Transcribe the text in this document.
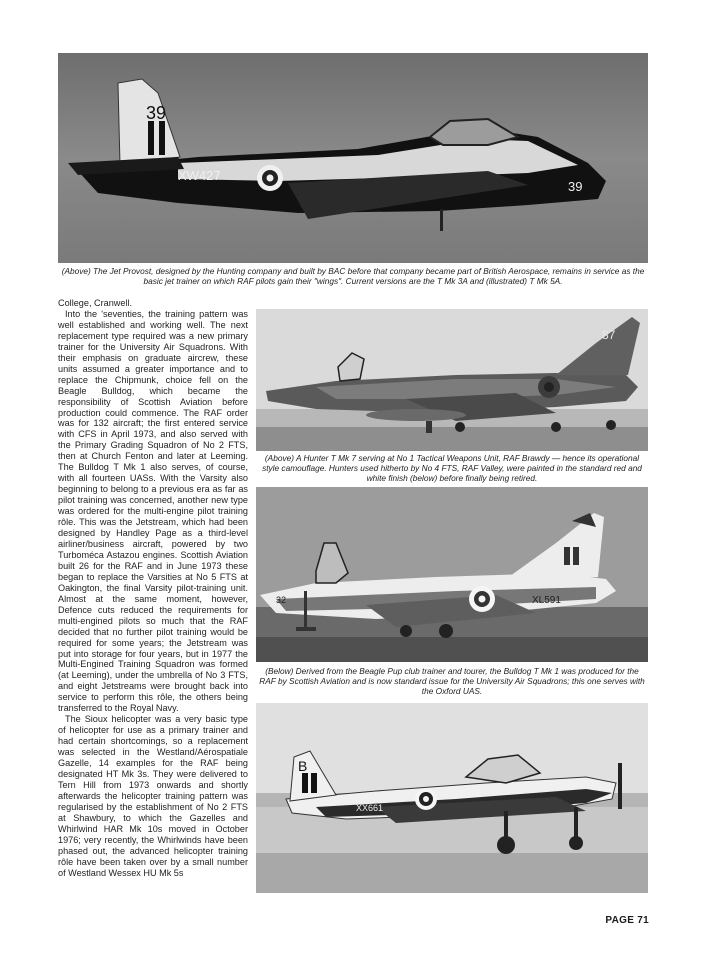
39
XW427
39
(Above) The Jet Provost, designed by the Hunting company and built by BAC before that company became part of British Aerospace, remains in service as the basic jet trainer on which RAF pilots gain their "wings". Current versions are the T Mk 3A and (illustrated) T Mk 5A.

College, Cranwell.

Into the 'seventies, the training pattern was well established and working well. The next replacement type required was a new primary trainer for the University Air Squadrons. With their emphasis on graduate aircrew, these units assumed a greater importance and to replace the Chipmunk, choice fell on the Beagle Bulldog, which became the responsibility of Scottish Aviation before production could commence. The RAF order was for 132 aircraft; the first entered service with CFS in April 1973, and also served with the Primary Grading Squadron of No 2 FTS, then at Church Fenton and later at Leeming. The Bulldog T Mk 1 also serves, of course, with all fourteen UASs. With the Varsity also beginning to belong to a previous era as far as pilot training was concerned, another new type was ordered for the multi-engine pilot training rôle. This was the Jetstream, which had been designed by Handley Page as a third-level airliner/business aircraft, powered by two Turboméca Astazou engines. Scottish Aviation built 26 for the RAF and in June 1973 these began to replace the Varsities at No 5 FTS at Oakington, the final Varsity pilot-training unit. Almost at the same moment, however, Defence cuts reduced the requirements for multi-engined pilots so much that the RAF decided that no further pilot training would be required for some years; the Jetstream was put into storage for four years, but in 1977 the Multi-Engined Training Squadron was formed (at Leeming), under the umbrella of No 3 FTS, and eight Jetstreams were brought back into service to perform this rôle, the others being transferred to the Royal Navy.

The Sioux helicopter was a very basic type of helicopter for use as a primary trainer and had certain shortcomings, so a replacement was selected in the Westland/Aérospatiale Gazelle, 14 examples for the RAF being designated HT Mk 3s. They were delivered to Tern Hill from 1973 onwards and shortly afterwards the helicopter training pattern was regularised by the establishment of No 2 FTS at Shawbury, to which the Gazelles and Whirlwind HAR Mk 10s moved in October 1976; very recently, the Whirlwinds have been phased out, the advanced helicopter training rôle have been taken over by a small number of Westland Wessex HU Mk 5s

87
(Above) A Hunter T Mk 7 serving at No 1 Tactical Weapons Unit, RAF Brawdy — hence its operational style camouflage. Hunters used hitherto by No 4 FTS, RAF Valley, were painted in the standard red and white finish (below) before finally being retired.
XL591
32
(Below) Derived from the Beagle Pup club trainer and tourer, the Bulldog T Mk 1 was produced for the RAF by Scottish Aviation and is now standard issue for the University Air Squadrons; this one serves with the Oxford UAS.
B
XX661
PAGE 71
